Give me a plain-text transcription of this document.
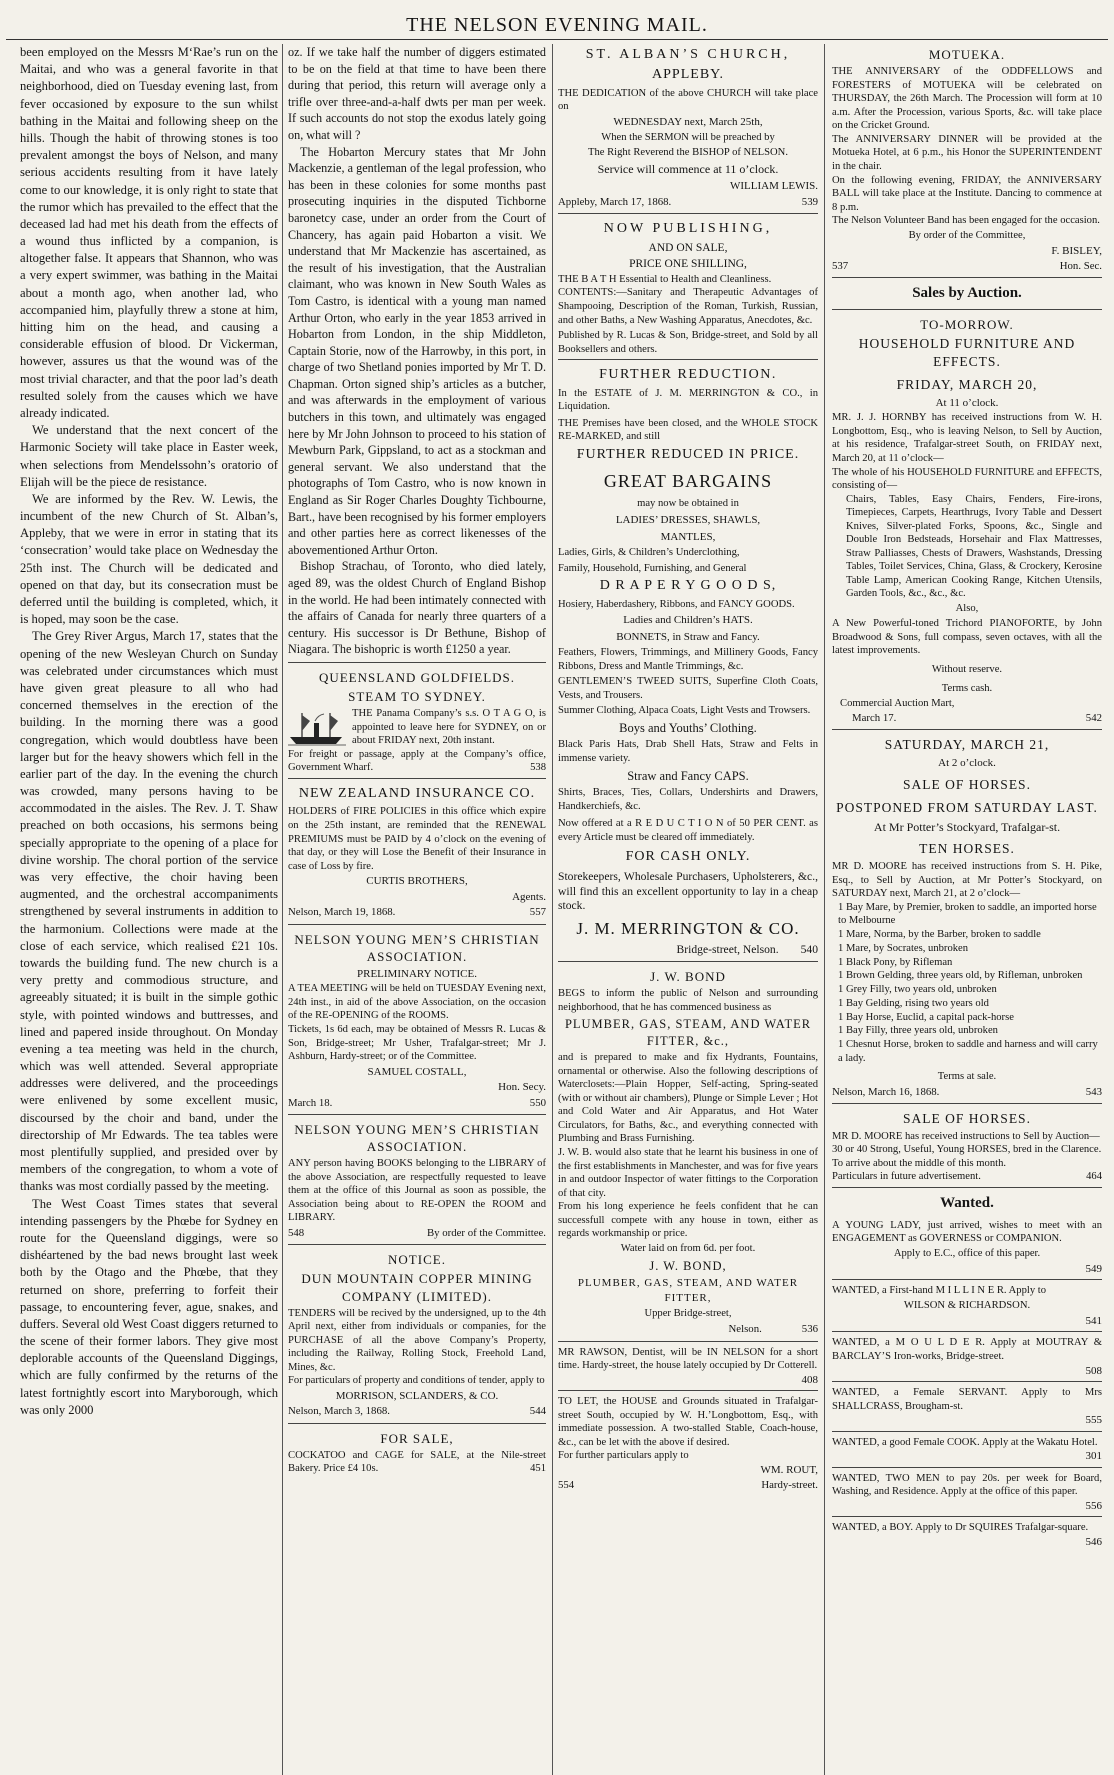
THE NELSON EVENING MAIL.

been employed on the Messrs M‘Rae’s run on the Maitai, and who was a general favorite in that neighborhood, died on Tuesday evening last, from fever occasioned by exposure to the sun whilst bathing in the Maitai and following sheep on the hills. Though the habit of throwing stones is too prevalent amongst the boys of Nelson, and many serious accidents resulting from it have lately come to our knowledge, it is only right to state that the rumor which has prevailed to the effect that the deceased lad had met his death from the effects of a wound thus inflicted by a companion, is altogether false. It appears that Shannon, who was a very expert swimmer, was bathing in the Maitai about a month ago, when another lad, who accompanied him, playfully threw a stone at him, hitting him on the head, and causing a considerable effusion of blood. Dr Vickerman, however, assures us that the wound was of the most trivial character, and that the poor lad’s death resulted solely from the causes which we have already indicated.

We understand that the next concert of the Harmonic Society will take place in Easter week, when selections from Mendelssohn’s oratorio of Elijah will be the piece de resistance.

We are informed by the Rev. W. Lewis, the incumbent of the new Church of St. Alban’s, Appleby, that we were in error in stating that its ‘consecration’ would take place on Wednesday the 25th inst. The Church will be dedicated and opened on that day, but its consecration must be deferred until the building is completed, which, it is hoped, may soon be the case.

The Grey River Argus, March 17, states that the opening of the new Wesleyan Church on Sunday was celebrated under circumstances which must have given great pleasure to all who had concerned themselves in the erection of the building. In the morning there was a good congregation, which would doubtless have been larger but for the heavy showers which fell in the earlier part of the day. In the evening the church was crowded, many persons having to be accommodated in the aisles. The Rev. J. T. Shaw preached on both occasions, his sermons being specially appropriate to the opening of a place for divine worship. The choral portion of the service was very effective, the choir having been augmented, and the orchestral accompaniments strengthened by several instruments in addition to the harmonium. Collections were made at the close of each service, which realised £21 10s. towards the building fund. The new church is a very pretty and commodious structure, and agreeably situated; it is built in the simple gothic style, with pointed windows and buttresses, and lined and papered inside throughout. On Monday evening a tea meeting was held in the church, which was well attended. Several appropriate addresses were delivered, and the proceedings were enlivened by some excellent music, discoursed by the choir and band, under the directorship of Mr Edwards. The tea tables were most plentifully supplied, and presided over by members of the congregation, to whom a vote of thanks was most cordially passed by the meeting.

The West Coast Times states that several intending passengers by the Phœbe for Sydney en route for the Queensland diggings, were so dishéartened by the bad news brought last week both by the Otago and the Phœbe, that they returned on shore, preferring to forfeit their passage, to encountering fever, ague, snakes, and duffers. Several old West Coast diggers returned to the scene of their former labors. They give most deplorable accounts of the Queensland Diggings, which are fully confirmed by the returns of the latest fortnightly escort into Maryborough, which was only 2000

oz. If we take half the number of diggers estimated to be on the field at that time to have been there during that period, this return will average only a trifle over three-and-a-half dwts per man per week. If such accounts do not stop the exodus lately going on, what will ?

The Hobarton Mercury states that Mr John Mackenzie, a gentleman of the legal profession, who has been in these colonies for some months past prosecuting inquiries in the disputed Tichborne baronetcy case, under an order from the Court of Chancery, has again paid Hobarton a visit. We understand that Mr Mackenzie has ascertained, as the result of his investigation, that the Australian claimant, who was known in New South Wales as Tom Castro, is identical with a young man named Arthur Orton, who early in the year 1853 arrived in Hobarton from London, in the ship Middleton, Captain Storie, now of the Harrowby, in this port, in charge of two Shetland ponies imported by Mr T. D. Chapman. Orton signed ship’s articles as a butcher, and was afterwards in the employment of various butchers in this town, and ultimately was engaged here by Mr John Johnson to proceed to his station of Mewburn Park, Gippsland, to act as a stockman and general servant. We also understand that the photographs of Tom Castro, who is now known in England as Sir Roger Charles Doughty Tichbourne, Bart., have been recognised by his former employers and other parties here as correct likenesses of the abovementioned Arthur Orton.

Bishop Strachau, of Toronto, who died lately, aged 89, was the oldest Church of England Bishop in the world. He had been intimately connected with the affairs of Canada for nearly three quarters of a century. His successor is Dr Bethune, Bishop of Niagara. The bishopric is worth £1250 a year.

QUEENSLAND GOLDFIELDS.
STEAM TO SYDNEY.

THE Panama Company’s s.s. O T A G O, is appointed to leave here for SYDNEY, on or about FRIDAY next, 20th instant.

For freight or passage, apply at the Company’s office, Government Wharf.	538

NEW ZEALAND INSURANCE CO.

HOLDERS of FIRE POLICIES in this office which expire on the 25th instant, are reminded that the RENEWAL PREMIUMS must be PAID by 4 o’clock on the evening of that day, or they will Lose the Benefit of their Insurance in case of Loss by fire.

CURTIS BROTHERS,

Agents.

Nelson, March 19, 1868.	557
NELSON YOUNG MEN’S CHRISTIAN ASSOCIATION.
PRELIMINARY NOTICE.

A TEA MEETING will be held on TUESDAY Evening next, 24th inst., in aid of the above Association, on the occasion of the RE-OPENING of the ROOMS.

Tickets, 1s 6d each, may be obtained of Messrs R. Lucas & Son, Bridge-street; Mr Usher, Trafalgar-street; Mr J. Ashburn, Hardy-street; or of the Committee.

SAMUEL COSTALL,

Hon. Secy.

March 18.	550
NELSON YOUNG MEN’S CHRISTIAN ASSOCIATION.

ANY person having BOOKS belonging to the LIBRARY of the above Association, are respectfully requested to leave them at the office of this Journal as soon as possible, the Association being about to RE-OPEN the ROOM and LIBRARY.

548	By order of the Committee.
NOTICE.
DUN MOUNTAIN COPPER MINING COMPANY (LIMITED).

TENDERS will be recived by the undersigned, up to the 4th April next, either from individuals or companies, for the PURCHASE of all the above Company’s Property, including the Railway, Rolling Stock, Freehold Land, Mines, &c.

For particulars of property and conditions of tender, apply to

MORRISON, SCLANDERS, & CO.

Nelson, March 3, 1868.	544
FOR SALE,

COCKATOO and CAGE for SALE, at the Nile-street Bakery. Price £4 10s.	451

ST. ALBAN’S CHURCH,
APPLEBY.

THE DEDICATION of the above CHURCH will take place on

WEDNESDAY next, March 25th,

When the SERMON will be preached by

The Right Reverend the BISHOP of NELSON.

Service will commence at 11 o’clock.

WILLIAM LEWIS.

Appleby, March 17, 1868.	539
NOW PUBLISHING,
AND ON SALE,
PRICE ONE SHILLING,

THE B A T H Essential to Health and Cleanliness.

CONTENTS:—Sanitary and Therapeutic Advantages of Shampooing, Description of the Roman, Turkish, Russian, and other Baths, a New Washing Apparatus, Anecdotes, &c.

Published by R. Lucas & Son, Bridge-street, and Sold by all Booksellers and others.

FURTHER REDUCTION.

In the ESTATE of J. M. MERRINGTON & CO., in Liquidation.

THE Premises have been closed, and the WHOLE STOCK RE-MARKED, and still

FURTHER REDUCED IN PRICE.
GREAT BARGAINS

may now be obtained in

LADIES’ DRESSES, SHAWLS,

MANTLES,

Ladies, Girls, & Children’s Underclothing,

Family, Household, Furnishing, and General

D R A P E R Y G O O D S,

Hosiery, Haberdashery, Ribbons, and FANCY GOODS.

Ladies and Children’s HATS.

BONNETS, in Straw and Fancy.

Feathers, Flowers, Trimmings, and Millinery Goods, Fancy Ribbons, Dress and Mantle Trimmings, &c.

GENTLEMEN’S TWEED SUITS, Superfine Cloth Coats, Vests, and Trousers.

Summer Clothing, Alpaca Coats, Light Vests and Trowsers.

Boys and Youths’ Clothing.

Black Paris Hats, Drab Shell Hats, Straw and Felts in immense variety.

Straw and Fancy CAPS.

Shirts, Braces, Ties, Collars, Undershirts and Drawers, Handkerchiefs, &c.

Now offered at a R E D U C T I O N of 50 PER CENT. as every Article must be cleared off immediately.

FOR CASH ONLY.

Storekeepers, Wholesale Purchasers, Upholsterers, &c., will find this an excellent opportunity to lay in a cheap stock.

J. M. MERRINGTON & CO.
Bridge-street, Nelson. 540
J. W. BOND

BEGS to inform the public of Nelson and surrounding neighborhood, that he has commenced business as

PLUMBER, GAS, STEAM, AND WATER FITTER, &c.,

and is prepared to make and fix Hydrants, Fountains, ornamental or otherwise. Also the following descriptions of Waterclosets:—Plain Hopper, Self-acting, Spring-seated (with or without air chambers), Plunge or Simple Lever ; Hot and Cold Water and Air Apparatus, and Hot Water Circulators, for Baths, &c., and everything connected with Plumbing and Brass Furnishing.

J. W. B. would also state that he learnt his business in one of the first establishments in Manchester, and was for five years in and outdoor Inspector of water fittings to the Corporation of that city.

From his long experience he feels confident that he can successfull compete with any house in town, either as regards workmanship or price.

Water laid on from 6d. per foot.

J. W. BOND,
PLUMBER, GAS, STEAM, AND WATER FITTER,

Upper Bridge-street,

Nelson.	536

MR RAWSON, Dentist, will be IN NELSON for a short time. Hardy-street, the house lately occupied by Dr Cotterell.

408

TO LET, the HOUSE and Grounds situated in Trafalgar-street South, occupied by W. H.’Longbottom, Esq., with immediate possession. A two-stalled Stable, Coach-house, &c., can be let with the above if desired.

For further particulars apply to

WM. ROUT,

554	Hardy-street.
MOTUEKA.

THE ANNIVERSARY of the ODDFELLOWS and FORESTERS of MOTUEKA will be celebrated on THURSDAY, the 26th March. The Procession will form at 10 a.m. After the Procession, various Sports, &c. will take place on the Cricket Ground.

The ANNIVERSARY DINNER will be provided at the Motueka Hotel, at 6 p.m., his Honor the SUPERINTENDENT in the chair.

On the following evening, FRIDAY, the ANNIVERSARY BALL will take place at the Institute. Dancing to commence at 8 p.m.

The Nelson Volunteer Band has been engaged for the occasion.

By order of the Committee,

F. BISLEY,

537	Hon. Sec.
Sales by Auction.
TO-MORROW.
HOUSEHOLD FURNITURE AND EFFECTS.
FRIDAY, MARCH 20,

At 11 o’clock.

MR. J. J. HORNBY has received instructions from W. H. Longbottom, Esq., who is leaving Nelson, to Sell by Auction, at his residence, Trafalgar-street South, on FRIDAY next, March 20, at 11 o’clock—

The whole of his HOUSEHOLD FURNITURE and EFFECTS, consisting of—

Chairs, Tables, Easy Chairs, Fenders, Fire-irons, Timepieces, Carpets, Hearthrugs, Ivory Table and Dessert Knives, Silver-plated Forks, Spoons, &c., Single and Double Iron Bedsteads, Horsehair and Flax Mattresses, Straw Palliasses, Chests of Drawers, Washstands, Dressing Tables, Toilet Services, China, Glass, & Crockery, Kerosine Table Lamp, American Cooking Range, Kitchen Utensils, Garden Tools, &c., &c., &c.

Also,

A New Powerful-toned Trichord PIANOFORTE, by John Broadwood & Sons, full compass, seven octaves, with all the latest improvements.

Without reserve.

Terms cash.

Commercial Auction Mart,

March 17.	542
SATURDAY, MARCH 21,

At 2 o’clock.

SALE OF HORSES.
POSTPONED FROM SATURDAY LAST.

At Mr Potter’s Stockyard, Trafalgar-st.

TEN HORSES.

MR D. MOORE has received instructions from S. H. Pike, Esq., to Sell by Auction, at Mr Potter’s Stockyard, on SATURDAY next, March 21, at 2 o’clock—

1 Bay Mare, by Premier, broken to saddle, an imported horse to Melbourne

1 Mare, Norma, by the Barber, broken to saddle

1 Mare, by Socrates, unbroken

1 Black Pony, by Rifleman

1 Brown Gelding, three years old, by Rifleman, unbroken

1 Grey Filly, two years old, unbroken

1 Bay Gelding, rising two years old

1 Bay Horse, Euclid, a capital pack-horse

1 Bay Filly, three years old, unbroken

1 Chesnut Horse, broken to saddle and harness and will carry a lady.

Terms at sale.

Nelson, March 16, 1868.	543
SALE OF HORSES.

MR D. MOORE has received instructions to Sell by Auction—

30 or 40 Strong, Useful, Young HORSES, bred in the Clarence.

To arrive about the middle of this month.

Particulars in future advertisement.	464

Wanted.

A YOUNG LADY, just arrived, wishes to meet with an ENGAGEMENT as GOVERNESS or COMPANION.

Apply to E.C., office of this paper.

549

WANTED, a First-hand M I L L I N E R. Apply to

WILSON & RICHARDSON.

541

WANTED, a M O U L D E R. Apply at MOUTRAY & BARCLAY’S Iron-works, Bridge-street.

508

WANTED, a Female SERVANT. Apply to Mrs SHALLCRASS, Brougham-st.

555

WANTED, a good Female COOK. Apply at the Wakatu Hotel.

301

WANTED, TWO MEN to pay 20s. per week for Board, Washing, and Residence. Apply at the office of this paper.

556

WANTED, a BOY. Apply to Dr SQUIRES Trafalgar-square.

546
